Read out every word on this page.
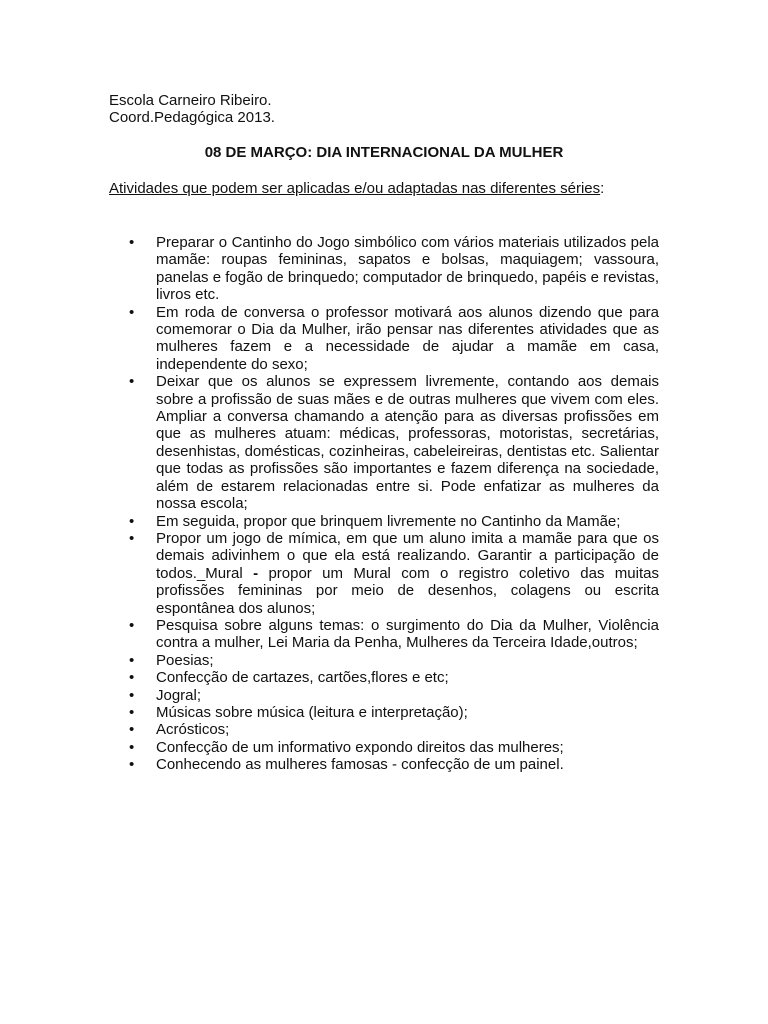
Escola Carneiro Ribeiro.
Coord.Pedagógica 2013.
08 DE MARÇO: DIA INTERNACIONAL DA MULHER
Atividades que podem ser aplicadas e/ou adaptadas nas diferentes séries:
• Preparar o Cantinho do Jogo simbólico com vários materiais utilizados pela mamãe: roupas femininas, sapatos e bolsas, maquiagem; vassoura, panelas e fogão de brinquedo; computador de brinquedo, papéis e revistas, livros etc.
• Em roda de conversa o professor motivará aos alunos dizendo que para comemorar o Dia da Mulher, irão pensar nas diferentes atividades que as mulheres fazem e a necessidade de ajudar a mamãe em casa, independente do sexo;
• Deixar que os alunos se expressem livremente, contando aos demais sobre a profissão de suas mães e de outras mulheres que vivem com eles. Ampliar a conversa chamando a atenção para as diversas profissões em que as mulheres atuam: médicas, professoras, motoristas, secretárias, desenhistas, domésticas, cozinheiras, cabeleireiras, dentistas etc. Salientar que todas as profissões são importantes e fazem diferença na sociedade, além de estarem relacionadas entre si. Pode enfatizar as mulheres da nossa escola;
• Em seguida, propor que brinquem livremente no Cantinho da Mamãe;
• Propor um jogo de mímica, em que um aluno imita a mamãe para que os demais adivinhem o que ela está realizando. Garantir a participação de todos._Mural - propor um Mural com o registro coletivo das muitas profissões femininas por meio de desenhos, colagens ou escrita espontânea dos alunos;
• Pesquisa sobre alguns temas: o surgimento do Dia da Mulher, Violência contra a mulher, Lei Maria da Penha, Mulheres da Terceira Idade,outros;
• Poesias;
• Confecção de cartazes, cartões,flores e etc;
• Jogral;
• Músicas sobre música (leitura e interpretação);
• Acrósticos;
• Confecção de um informativo expondo direitos das mulheres;
• Conhecendo as mulheres famosas - confecção de um painel.
